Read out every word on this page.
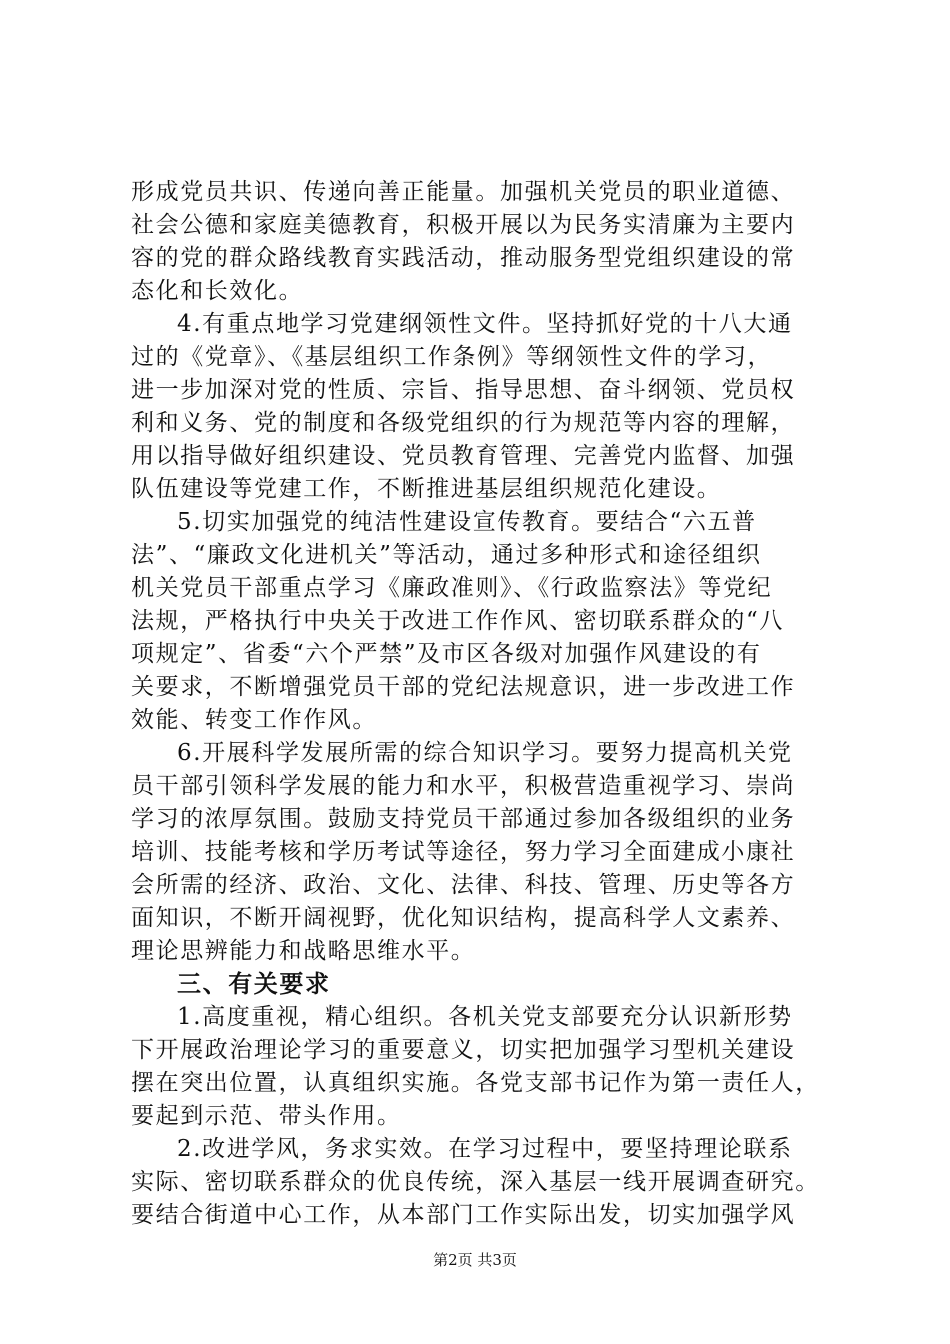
形成党员共识、传递向善正能量。加强机关党员的职业道德、
社会公德和家庭美德教育，积极开展以为民务实清廉为主要内
容的党的群众路线教育实践活动，推动服务型党组织建设的常
态化和长效化。
4.有重点地学习党建纲领性文件。坚持抓好党的十八大通
过的《党章》、《基层组织工作条例》等纲领性文件的学习，
进一步加深对党的性质、宗旨、指导思想、奋斗纲领、党员权
利和义务、党的制度和各级党组织的行为规范等内容的理解，
用以指导做好组织建设、党员教育管理、完善党内监督、加强
队伍建设等党建工作，不断推进基层组织规范化建设。
5.切实加强党的纯洁性建设宣传教育。要结合“六五普
法”、“廉政文化进机关”等活动，通过多种形式和途径组织
机关党员干部重点学习《廉政准则》、《行政监察法》等党纪
法规，严格执行中央关于改进工作作风、密切联系群众的“八
项规定”、省委“六个严禁”及市区各级对加强作风建设的有
关要求，不断增强党员干部的党纪法规意识，进一步改进工作
效能、转变工作作风。
6.开展科学发展所需的综合知识学习。要努力提高机关党
员干部引领科学发展的能力和水平，积极营造重视学习、崇尚
学习的浓厚氛围。鼓励支持党员干部通过参加各级组织的业务
培训、技能考核和学历考试等途径，努力学习全面建成小康社
会所需的经济、政治、文化、法律、科技、管理、历史等各方
面知识，不断开阔视野，优化知识结构，提高科学人文素养、
理论思辨能力和战略思维水平。
三、有关要求
1.高度重视，精心组织。各机关党支部要充分认识新形势
下开展政治理论学习的重要意义，切实把加强学习型机关建设
摆在突出位置，认真组织实施。各党支部书记作为第一责任人，
要起到示范、带头作用。
2.改进学风，务求实效。在学习过程中，要坚持理论联系
实际、密切联系群众的优良传统，深入基层一线开展调查研究。
要结合街道中心工作，从本部门工作实际出发，切实加强学风
第2页 共3页
